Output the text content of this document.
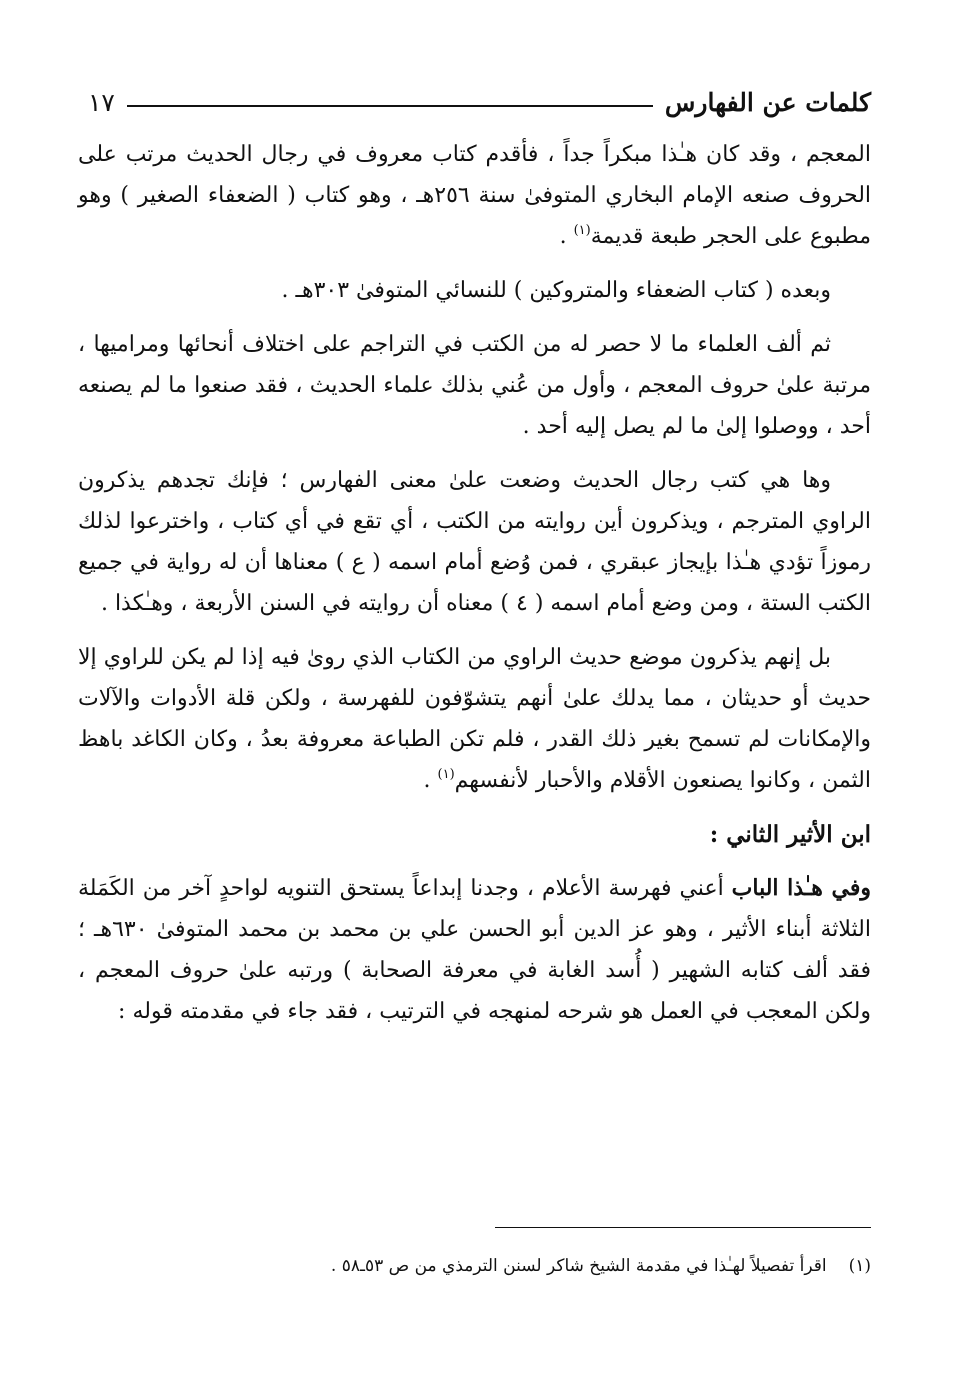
كلمات عن الفهارس
١٧

المعجم ، وقد كان هـٰذا مبكراً جداً ، فأقدم كتاب معروف في رجال الحديث مرتب على الحروف صنعه الإمام البخاري المتوفىٰ سنة ٢٥٦هـ ، وهو كتاب ( الضعفاء الصغير ) وهو مطبوع على الحجر طبعة قديمة$^{(١)}$ .

وبعده ( كتاب الضعفاء والمتروكين ) للنسائي المتوفىٰ ٣٠٣هـ .

ثم ألف العلماء ما لا حصر له من الكتب في التراجم على اختلاف أنحائها ومراميها ، مرتبة علىٰ حروف المعجم ، وأول من عُني بذلك علماء الحديث ، فقد صنعوا ما لم يصنعه أحد ، ووصلوا إلىٰ ما لم يصل إليه أحد .

وها هي كتب رجال الحديث وضعت علىٰ معنى الفهارس ؛ فإنك تجدهم يذكرون الراوي المترجم ، ويذكرون أين روايته من الكتب ، أي تقع في أي كتاب ، واخترعوا لذلك رموزاً تؤدي هـٰذا بإيجاز عبقري ، فمن وُضع أمام اسمه ( ع ) معناها أن له رواية في جميع الكتب الستة ، ومن وضع أمام اسمه ( ٤ ) معناه أن روايته في السنن الأربعة ، وهـٰكذا .

بل إنهم يذكرون موضع حديث الراوي من الكتاب الذي روىٰ فيه إذا لم يكن للراوي إلا حديث أو حديثان ، مما يدلك علىٰ أنهم يتشوّفون للفهرسة ، ولكن قلة الأدوات والآلات والإمكانات لم تسمح بغير ذلك القدر ، فلم تكن الطباعة معروفة بعدُ ، وكان الكاغد باهظ الثمن ، وكانوا يصنعون الأقلام والأحبار لأنفسهم$^{(١)}$ .

ابن الأثير الثاني :

وفي هـٰذا الباب أعني فهرسة الأعلام ، وجدنا إبداعاً يستحق التنويه لواحدٍ آخر من الكَمَلة الثلاثة أبناء الأثير ، وهو عز الدين أبو الحسن علي بن محمد بن محمد المتوفىٰ ٦٣٠هـ ؛ فقد ألف كتابه الشهير ( أُسد الغابة في معرفة الصحابة ) ورتبه علىٰ حروف المعجم ، ولكن المعجب في العمل هو شرحه لمنهجه في الترتيب ، فقد جاء في مقدمته قوله :

(١)اقرأ تفصيلاً لهـٰذا في مقدمة الشيخ شاكر لسنن الترمذي من ص ٥٣ـ٥٨ .
